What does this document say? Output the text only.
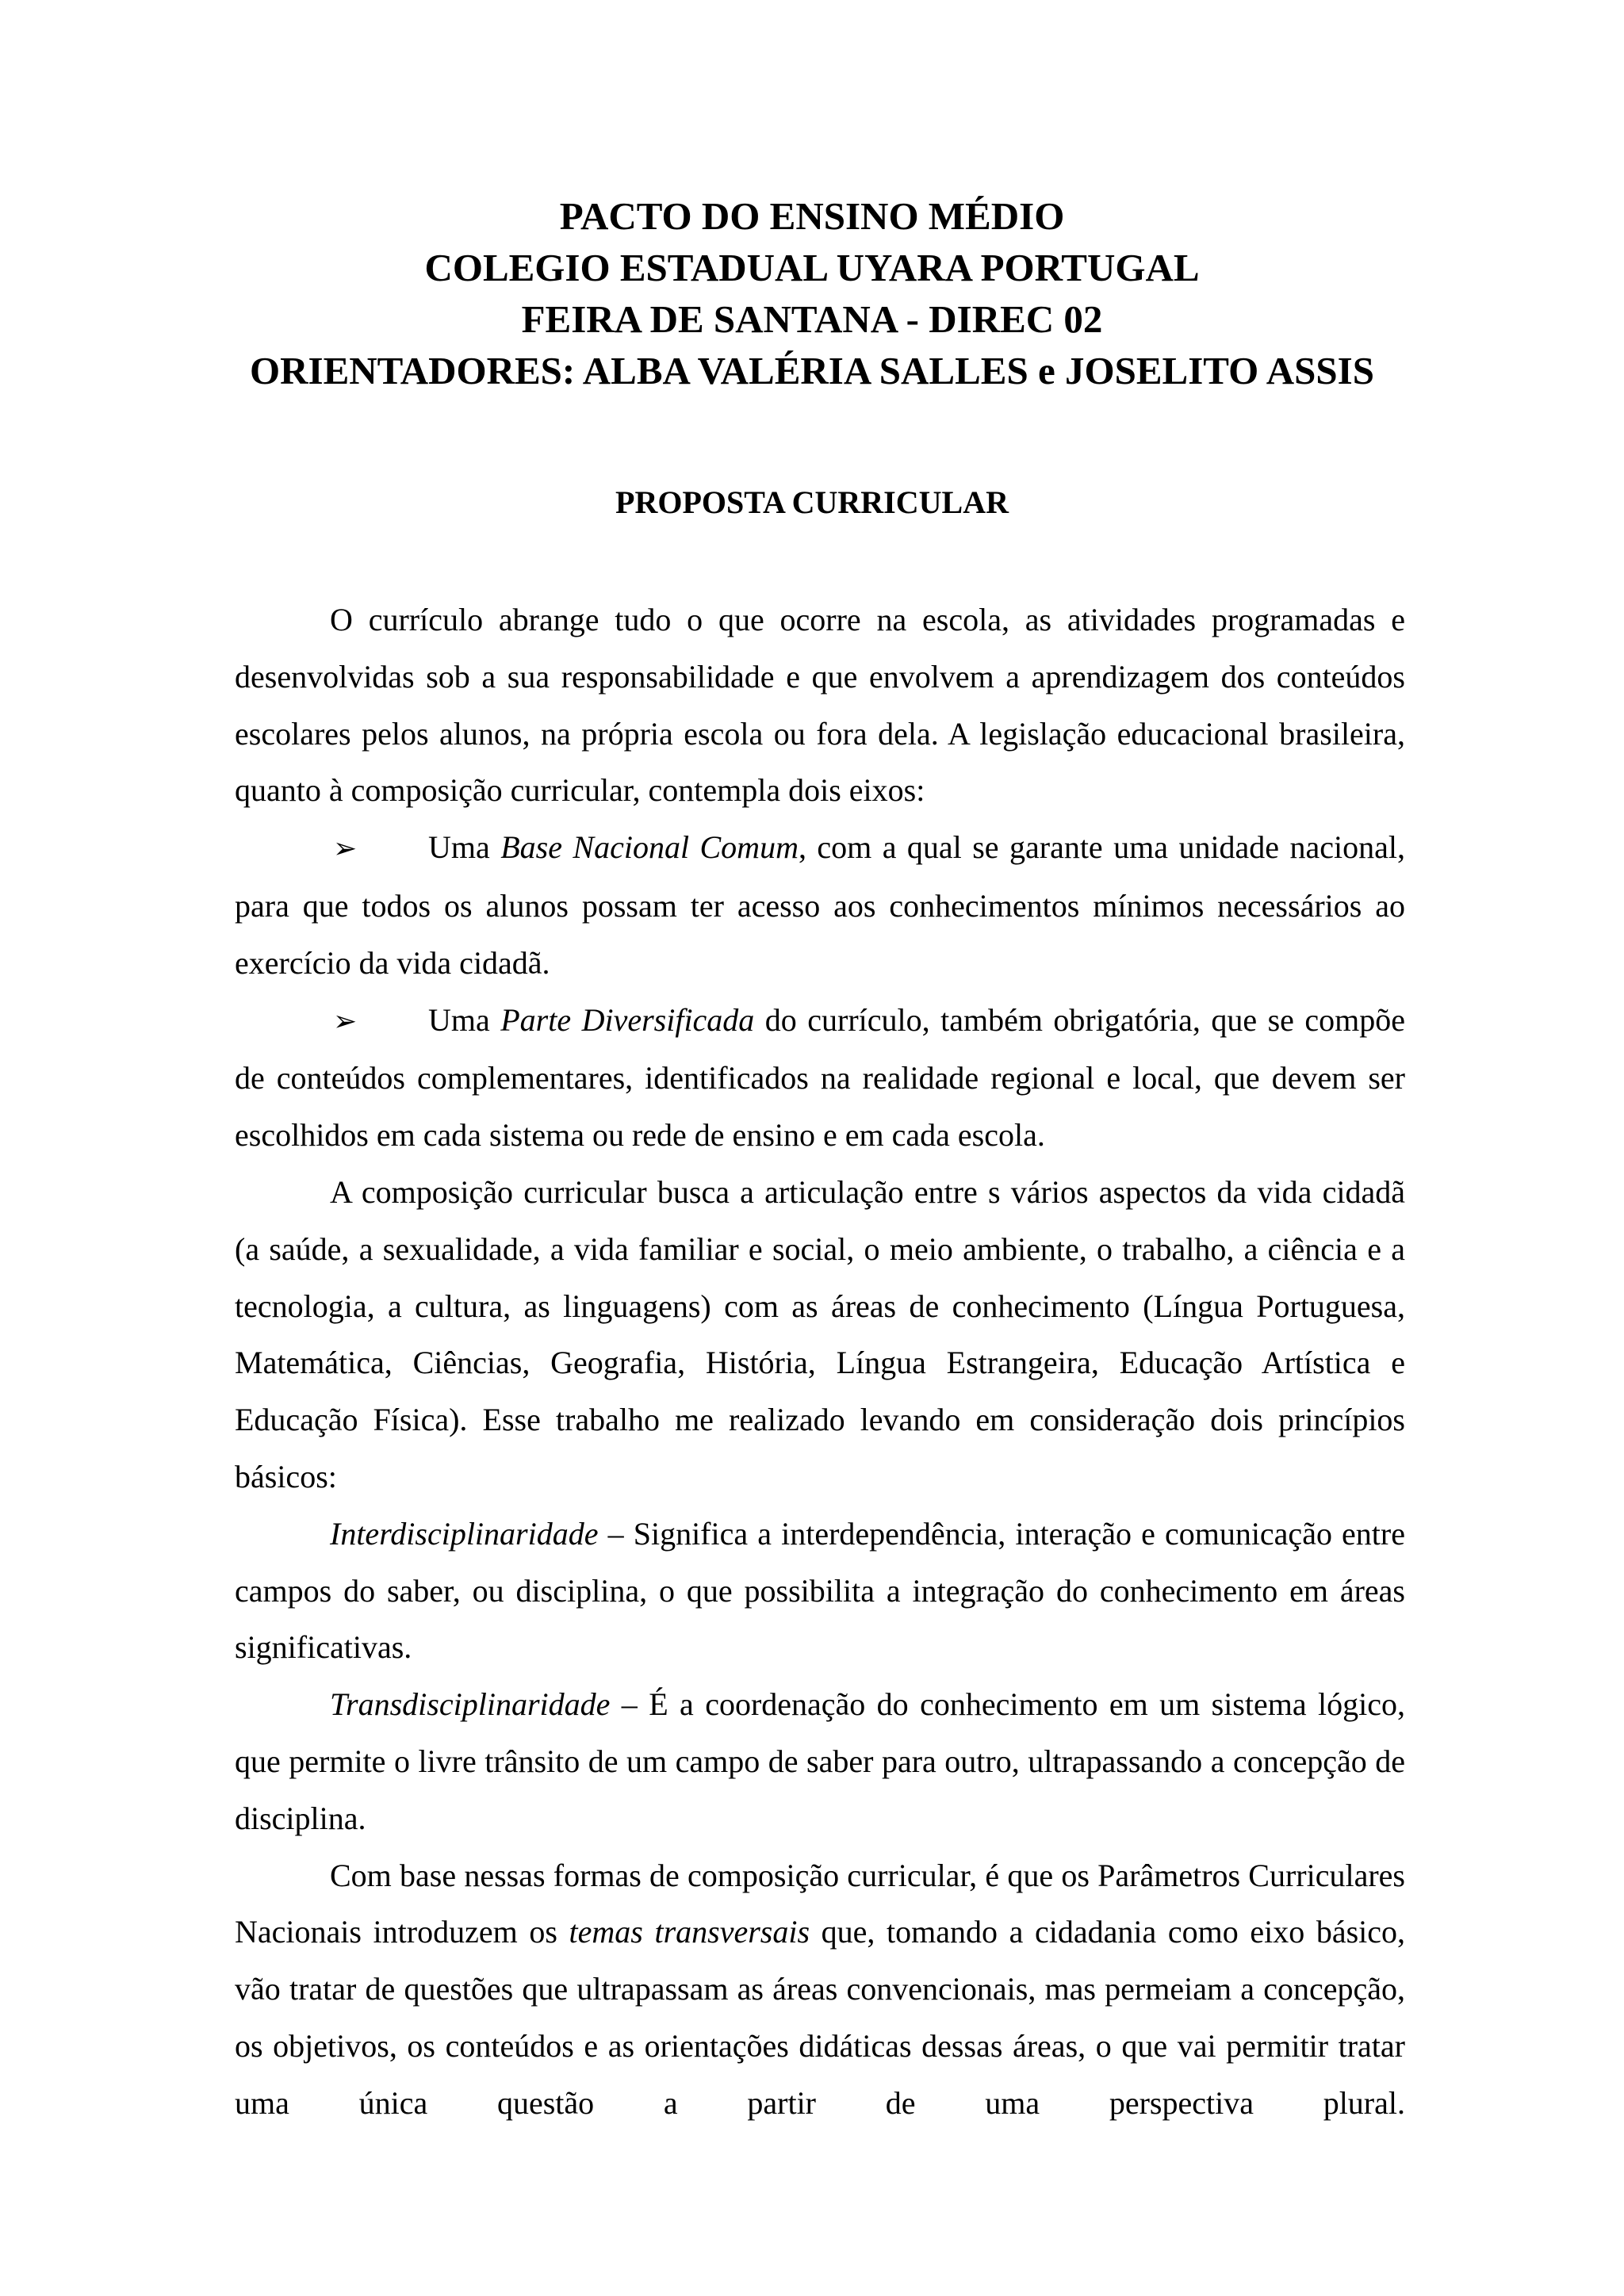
PACTO DO ENSINO MÉDIO
COLEGIO ESTADUAL UYARA PORTUGAL
FEIRA DE SANTANA - DIREC 02
ORIENTADORES: ALBA VALÉRIA SALLES e JOSELITO ASSIS
PROPOSTA CURRICULAR

O currículo abrange tudo o que ocorre na escola, as atividades programadas e desenvolvidas sob a sua responsabilidade e que envolvem a aprendizagem dos conteúdos escolares pelos alunos, na própria escola ou fora dela. A legislação educacional brasileira, quanto à composição curricular, contempla dois eixos:

➢ Uma Base Nacional Comum, com a qual se garante uma unidade nacional, para que todos os alunos possam ter acesso aos conhecimentos mínimos necessários ao exercício da vida cidadã.

➢ Uma Parte Diversificada do currículo, também obrigatória, que se compõe de conteúdos complementares, identificados na realidade regional e local, que devem ser escolhidos em cada sistema ou rede de ensino e em cada escola.

A composição curricular busca a articulação entre s vários aspectos da vida cidadã (a saúde, a sexualidade, a vida familiar e social, o meio ambiente, o trabalho, a ciência e a tecnologia, a cultura, as linguagens) com as áreas de conhecimento (Língua Portuguesa, Matemática, Ciências, Geografia, História, Língua Estrangeira, Educação Artística e Educação Física). Esse trabalho me realizado levando em consideração dois princípios básicos:

Interdisciplinaridade – Significa a interdependência, interação e comunicação entre campos do saber, ou disciplina, o que possibilita a integração do conhecimento em áreas significativas.

Transdisciplinaridade – É a coordenação do conhecimento em um sistema lógico, que permite o livre trânsito de um campo de saber para outro, ultrapassando a concepção de disciplina.

Com base nessas formas de composição curricular, é que os Parâmetros Curriculares Nacionais introduzem os temas transversais que, tomando a cidadania como eixo básico, vão tratar de questões que ultrapassam as áreas convencionais, mas permeiam a concepção, os objetivos, os conteúdos e as orientações didáticas dessas áreas, o que vai permitir tratar uma única questão a partir de uma perspectiva plural.
